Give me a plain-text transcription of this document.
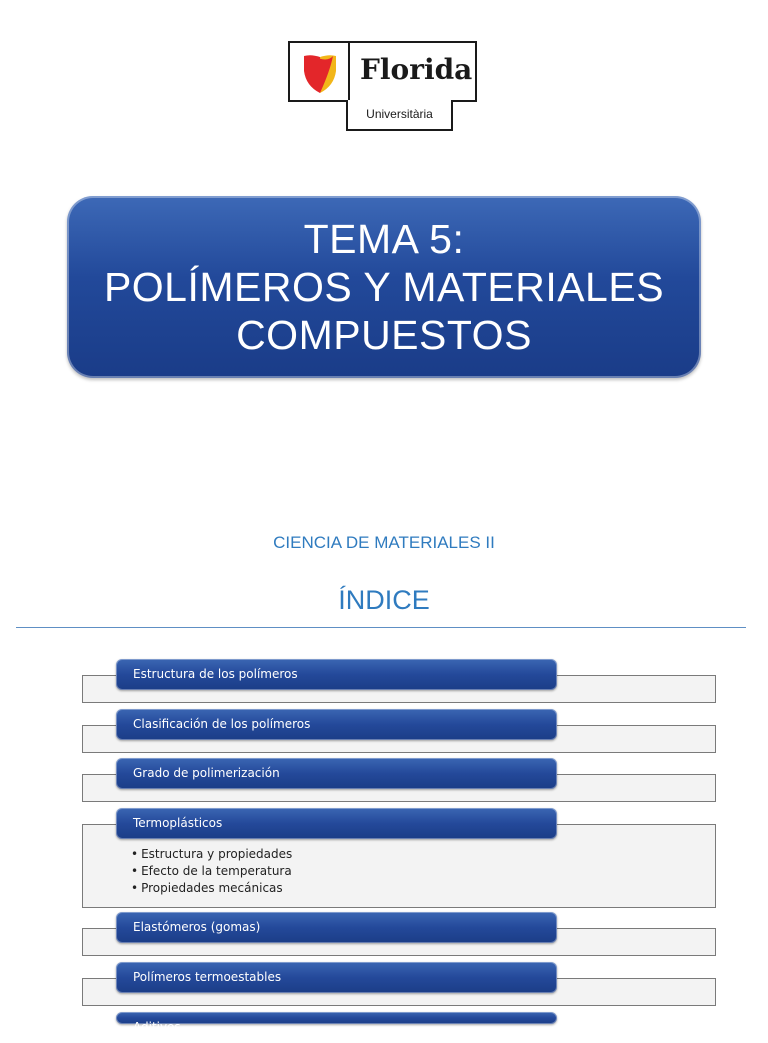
Florida
Universitària
TEMA 5:
POLÍMEROS Y MATERIALES
COMPUESTOS
CIENCIA DE MATERIALES II
ÍNDICE
Estructura de los polímeros
Clasificación de los polímeros
Grado de polimerización
Termoplásticos
• Estructura y propiedades
• Efecto de la temperatura
• Propiedades mecánicas
Elastómeros (gomas)
Polímeros termoestables
Aditivos
